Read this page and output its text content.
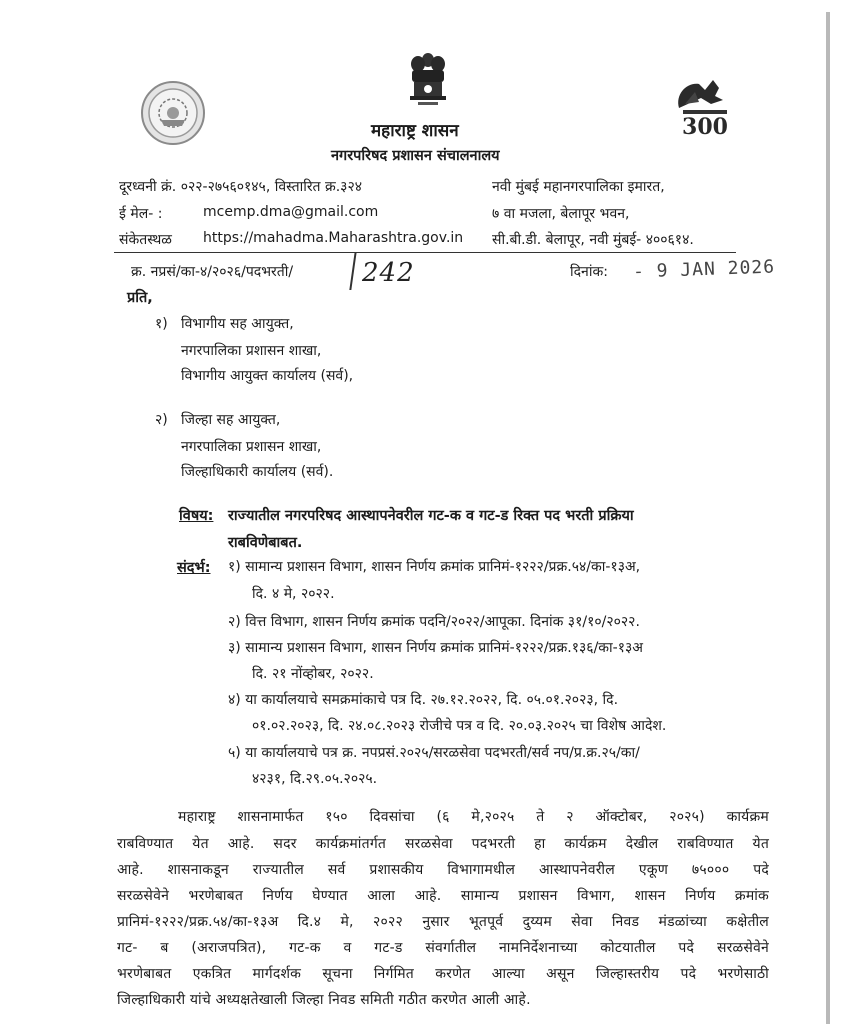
300
महाराष्ट्र शासन
नगरपरिषद प्रशासन संचालनालय
दूरध्वनी क्रं. ०२२-२७५६०१४५, विस्तारित क्र.३२४
ई मेल- :	mcemp.dma@gmail.com
संकेतस्थळ https://mahadma.Maharashtra.gov.in
नवी मुंबई महानगरपालिका इमारत,
७ वा मजला, बेलापूर भवन,
सी.बी.डी. बेलापूर, नवी मुंबई- ४००६१४.
क्र. नप्रसं/का-४/२०२६/पदभरती/	242	दिनांक: - 9 JAN 2026
प्रति,
१) विभागीय सह आयुक्त,
नगरपालिका प्रशासन शाखा,
विभागीय आयुक्त कार्यालय (सर्व),
२) जिल्हा सह आयुक्त,
नगरपालिका प्रशासन शाखा,
जिल्हाधिकारी कार्यालय (सर्व).
विषय: राज्यातील नगरपरिषद आस्थापनेवरील गट-क व गट-ड रिक्त पद भरती प्रक्रिया
राबविणेबाबत.
संदर्भ: १) सामान्य प्रशासन विभाग, शासन निर्णय क्रमांक प्रानिमं-१२२२/प्रक्र.५४/का-१३अ,
दि. ४ मे, २०२२.
२) वित्त विभाग, शासन निर्णय क्रमांक पदनि/२०२२/आपूका. दिनांक ३१/१०/२०२२.
३) सामान्य प्रशासन विभाग, शासन निर्णय क्रमांक प्रानिमं-१२२२/प्रक्र.१३६/का-१३अ
दि. २१ नोंव्होबर, २०२२.
४) या कार्यालयाचे समक्रमांकाचे पत्र दि. २७.१२.२०२२, दि. ०५.०१.२०२३, दि.
०१.०२.२०२३, दि. २४.०८.२०२३ रोजीचे पत्र व दि. २०.०३.२०२५ चा विशेष आदेश.
५) या कार्यालयाचे पत्र क्र. नपप्रसं.२०२५/सरळसेवा पदभरती/सर्व नप/प्र.क्र.२५/का/
४२३१, दि.२९.०५.२०२५.
महाराष्ट्र शासनामार्फत १५० दिवसांचा (६ मे,२०२५ ते २ ऑक्टोबर, २०२५) कार्यक्रम
राबविण्यात येत आहे. सदर कार्यक्रमांतर्गत सरळसेवा पदभरती हा कार्यक्रम देखील राबविण्यात येत
आहे. शासनाकडून राज्यातील सर्व प्रशासकीय विभागामधील आस्थापनेवरील एकूण ७५००० पदे
सरळसेवेने भरणेबाबत निर्णय घेण्यात आला आहे. सामान्य प्रशासन विभाग, शासन निर्णय क्रमांक
प्रानिमं-१२२२/प्रक्र.५४/का-१३अ दि.४ मे, २०२२ नुसार भूतपूर्व दुय्यम सेवा निवड मंडळांच्या कक्षेतील
गट- ब (अराजपत्रित), गट-क व गट-ड संवर्गातील नामनिर्देशनाच्या कोटयातील पदे सरळसेवेने
भरणेबाबत एकत्रित मार्गदर्शक सूचना निर्गमित करणेत आल्या असून जिल्हास्तरीय पदे भरणेसाठी
जिल्हाधिकारी यांचे अध्यक्षतेखाली जिल्हा निवड समिती गठीत करणेत आली आहे.
